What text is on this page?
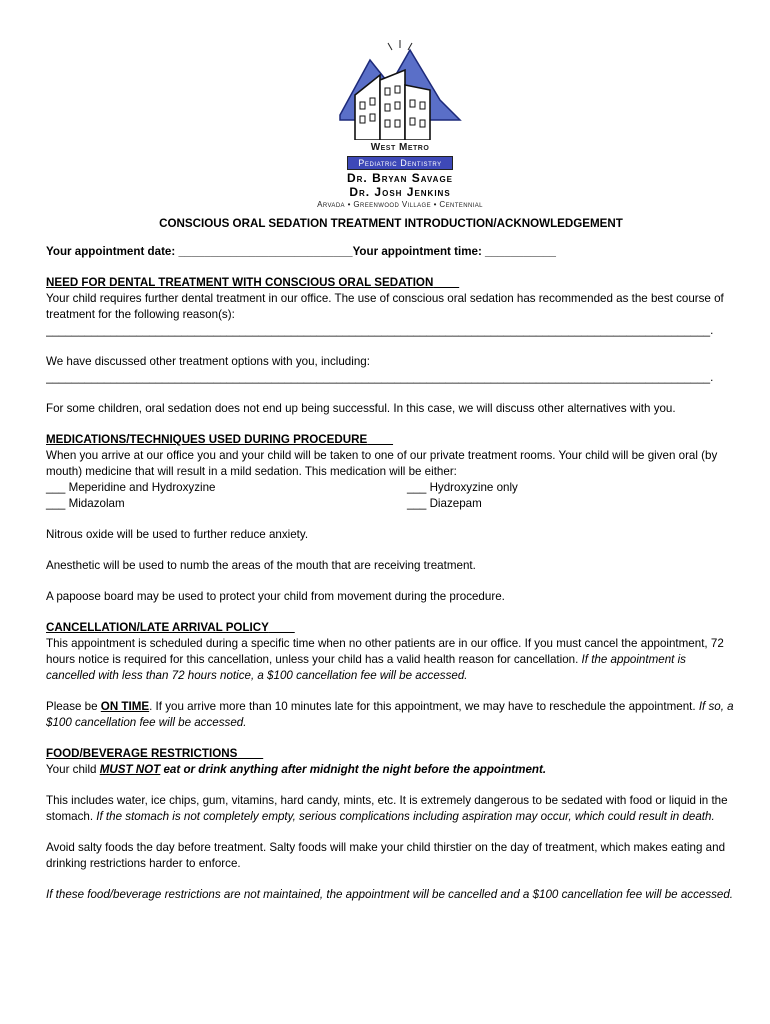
West Metro
Pediatric Dentistry
Dr. Bryan Savage
Dr. Josh Jenkins
Arvada • Greenwood Village • Centennial

CONSCIOUS ORAL SEDATION TREATMENT INTRODUCTION/ACKNOWLEDGEMENT

Your appointment date: ___________________________Your appointment time: ___________

NEED FOR DENTAL TREATMENT WITH CONSCIOUS ORAL SEDATION____

Your child requires further dental treatment in our office. The use of conscious oral sedation has recommended as the best course of treatment for the following reason(s):

_______________________________________________________________________________________________________.

We have discussed other treatment options with you, including:

_______________________________________________________________________________________________________.

For some children, oral sedation does not end up being successful. In this case, we will discuss other alternatives with you.

MEDICATIONS/TECHNIQUES USED DURING PROCEDURE____

When you arrive at our office you and your child will be taken to one of our private treatment rooms. Your child will be given oral (by mouth) medicine that will result in a mild sedation. This medication will be either:

___ Meperidine and Hydroxyzine	___ Hydroxyzine only
___ Midazolam	___ Diazepam

Nitrous oxide will be used to further reduce anxiety.

Anesthetic will be used to numb the areas of the mouth that are receiving treatment.

A papoose board may be used to protect your child from movement during the procedure.

CANCELLATION/LATE ARRIVAL POLICY____

This appointment is scheduled during a specific time when no other patients are in our office. If you must cancel the appointment, 72 hours notice is required for this cancellation, unless your child has a valid health reason for cancellation. If the appointment is cancelled with less than 72 hours notice, a $100 cancellation fee will be accessed.

Please be ON TIME. If you arrive more than 10 minutes late for this appointment, we may have to reschedule the appointment. If so, a $100 cancellation fee will be accessed.

FOOD/BEVERAGE RESTRICTIONS____

Your child MUST NOT eat or drink anything after midnight the night before the appointment.

This includes water, ice chips, gum, vitamins, hard candy, mints, etc. It is extremely dangerous to be sedated with food or liquid in the stomach. If the stomach is not completely empty, serious complications including aspiration may occur, which could result in death.

Avoid salty foods the day before treatment. Salty foods will make your child thirstier on the day of treatment, which makes eating and drinking restrictions harder to enforce.

If these food/beverage restrictions are not maintained, the appointment will be cancelled and a $100 cancellation fee will be accessed.
